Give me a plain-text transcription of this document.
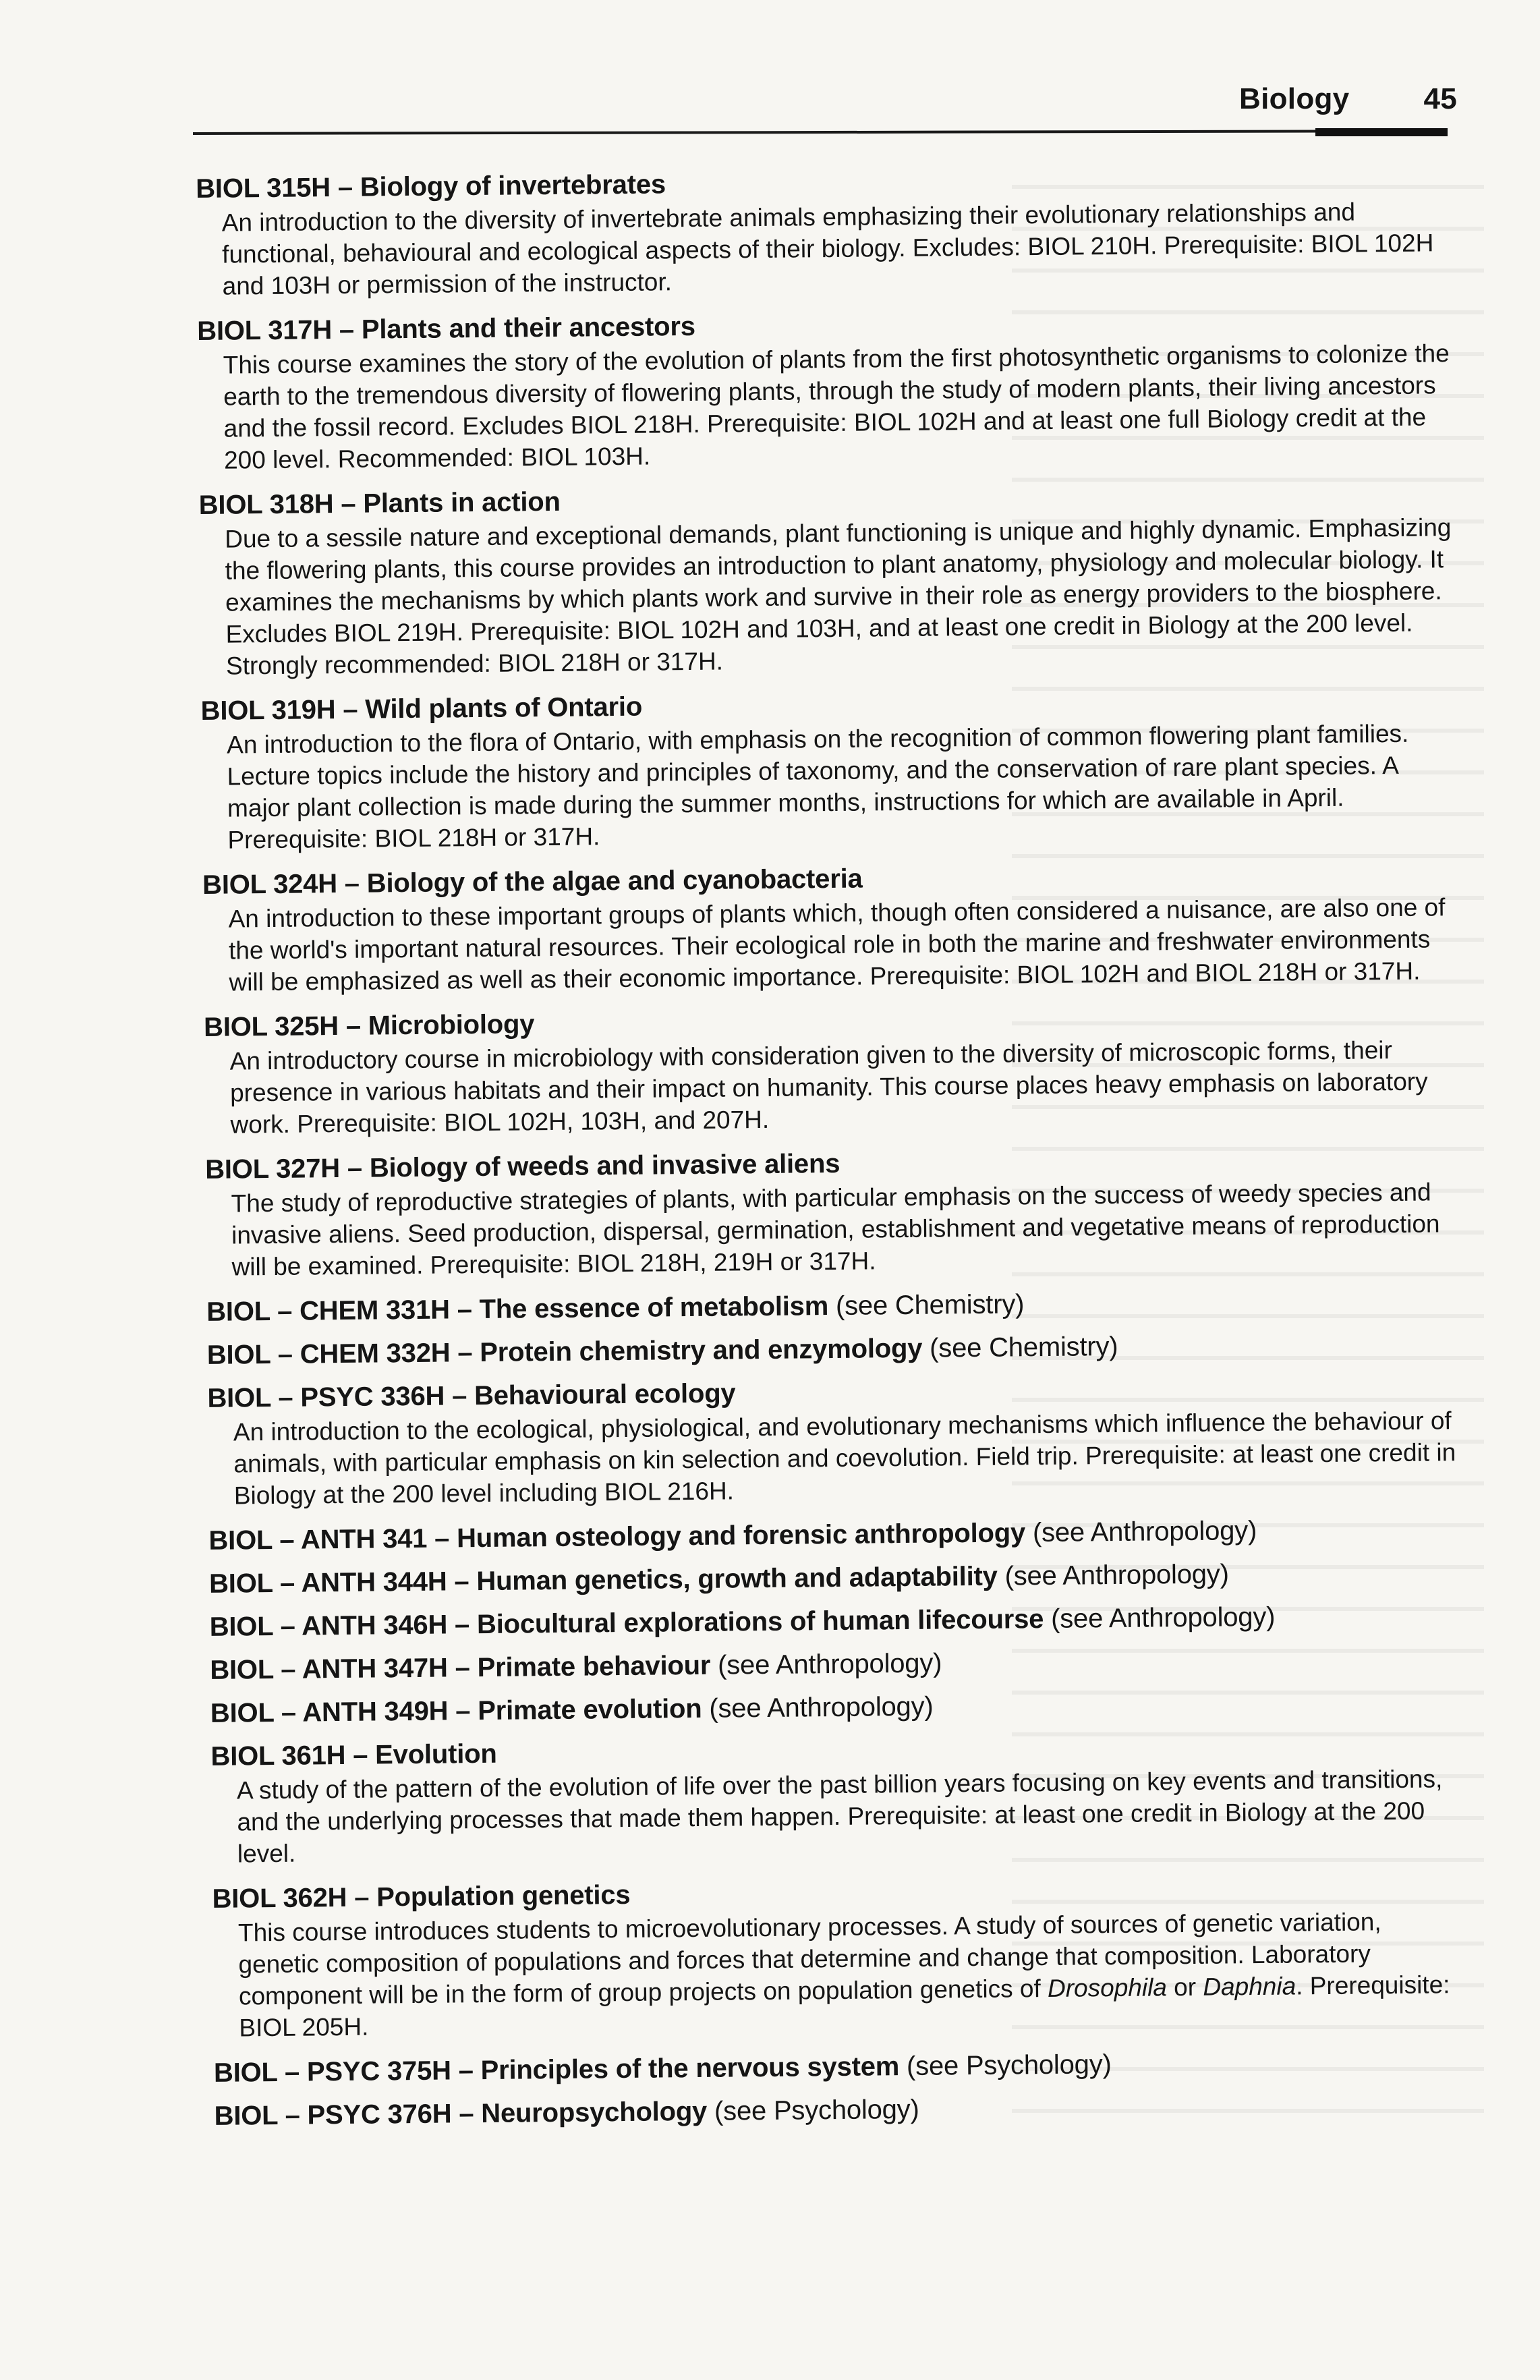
Biology	45
BIOL 315H – Biology of invertebrates
An introduction to the diversity of invertebrate animals emphasizing their evolutionary relationships and functional, behavioural and ecological aspects of their biology. Excludes: BIOL 210H. Prerequisite: BIOL 102H and 103H or permission of the instructor.
BIOL 317H – Plants and their ancestors
This course examines the story of the evolution of plants from the first photosynthetic organisms to colonize the earth to the tremendous diversity of flowering plants, through the study of modern plants, their living ancestors and the fossil record. Excludes BIOL 218H. Prerequisite: BIOL 102H and at least one full Biology credit at the 200 level. Recommended: BIOL 103H.
BIOL 318H – Plants in action
Due to a sessile nature and exceptional demands, plant functioning is unique and highly dynamic. Emphasizing the flowering plants, this course provides an introduction to plant anatomy, physiology and molecular biology. It examines the mechanisms by which plants work and survive in their role as energy providers to the biosphere. Excludes BIOL 219H. Prerequisite: BIOL 102H and 103H, and at least one credit in Biology at the 200 level. Strongly recommended: BIOL 218H or 317H.
BIOL 319H – Wild plants of Ontario
An introduction to the flora of Ontario, with emphasis on the recognition of common flowering plant families. Lecture topics include the history and principles of taxonomy, and the conservation of rare plant species. A major plant collection is made during the summer months, instructions for which are available in April. Prerequisite: BIOL 218H or 317H.
BIOL 324H – Biology of the algae and cyanobacteria
An introduction to these important groups of plants which, though often considered a nuisance, are also one of the world's important natural resources. Their ecological role in both the marine and freshwater environments will be emphasized as well as their economic importance. Prerequisite: BIOL 102H and BIOL 218H or 317H.
BIOL 325H – Microbiology
An introductory course in microbiology with consideration given to the diversity of microscopic forms, their presence in various habitats and their impact on humanity. This course places heavy emphasis on laboratory work. Prerequisite: BIOL 102H, 103H, and 207H.
BIOL 327H – Biology of weeds and invasive aliens
The study of reproductive strategies of plants, with particular emphasis on the success of weedy species and invasive aliens. Seed production, dispersal, germination, establishment and vegetative means of reproduction will be examined. Prerequisite: BIOL 218H, 219H or 317H.
BIOL – CHEM 331H – The essence of metabolism (see Chemistry)
BIOL – CHEM 332H – Protein chemistry and enzymology (see Chemistry)
BIOL – PSYC 336H – Behavioural ecology
An introduction to the ecological, physiological, and evolutionary mechanisms which influence the behaviour of animals, with particular emphasis on kin selection and coevolution. Field trip. Prerequisite: at least one credit in Biology at the 200 level including BIOL 216H.
BIOL – ANTH 341 – Human osteology and forensic anthropology (see Anthropology)
BIOL – ANTH 344H – Human genetics, growth and adaptability (see Anthropology)
BIOL – ANTH 346H – Biocultural explorations of human lifecourse (see Anthropology)
BIOL – ANTH 347H – Primate behaviour (see Anthropology)
BIOL – ANTH 349H – Primate evolution (see Anthropology)
BIOL 361H – Evolution
A study of the pattern of the evolution of life over the past billion years focusing on key events and transitions, and the underlying processes that made them happen. Prerequisite: at least one credit in Biology at the 200 level.
BIOL 362H – Population genetics
This course introduces students to microevolutionary processes. A study of sources of genetic variation, genetic composition of populations and forces that determine and change that composition. Laboratory component will be in the form of group projects on population genetics of Drosophila or Daphnia. Prerequisite: BIOL 205H.
BIOL – PSYC 375H – Principles of the nervous system (see Psychology)
BIOL – PSYC 376H – Neuropsychology (see Psychology)
